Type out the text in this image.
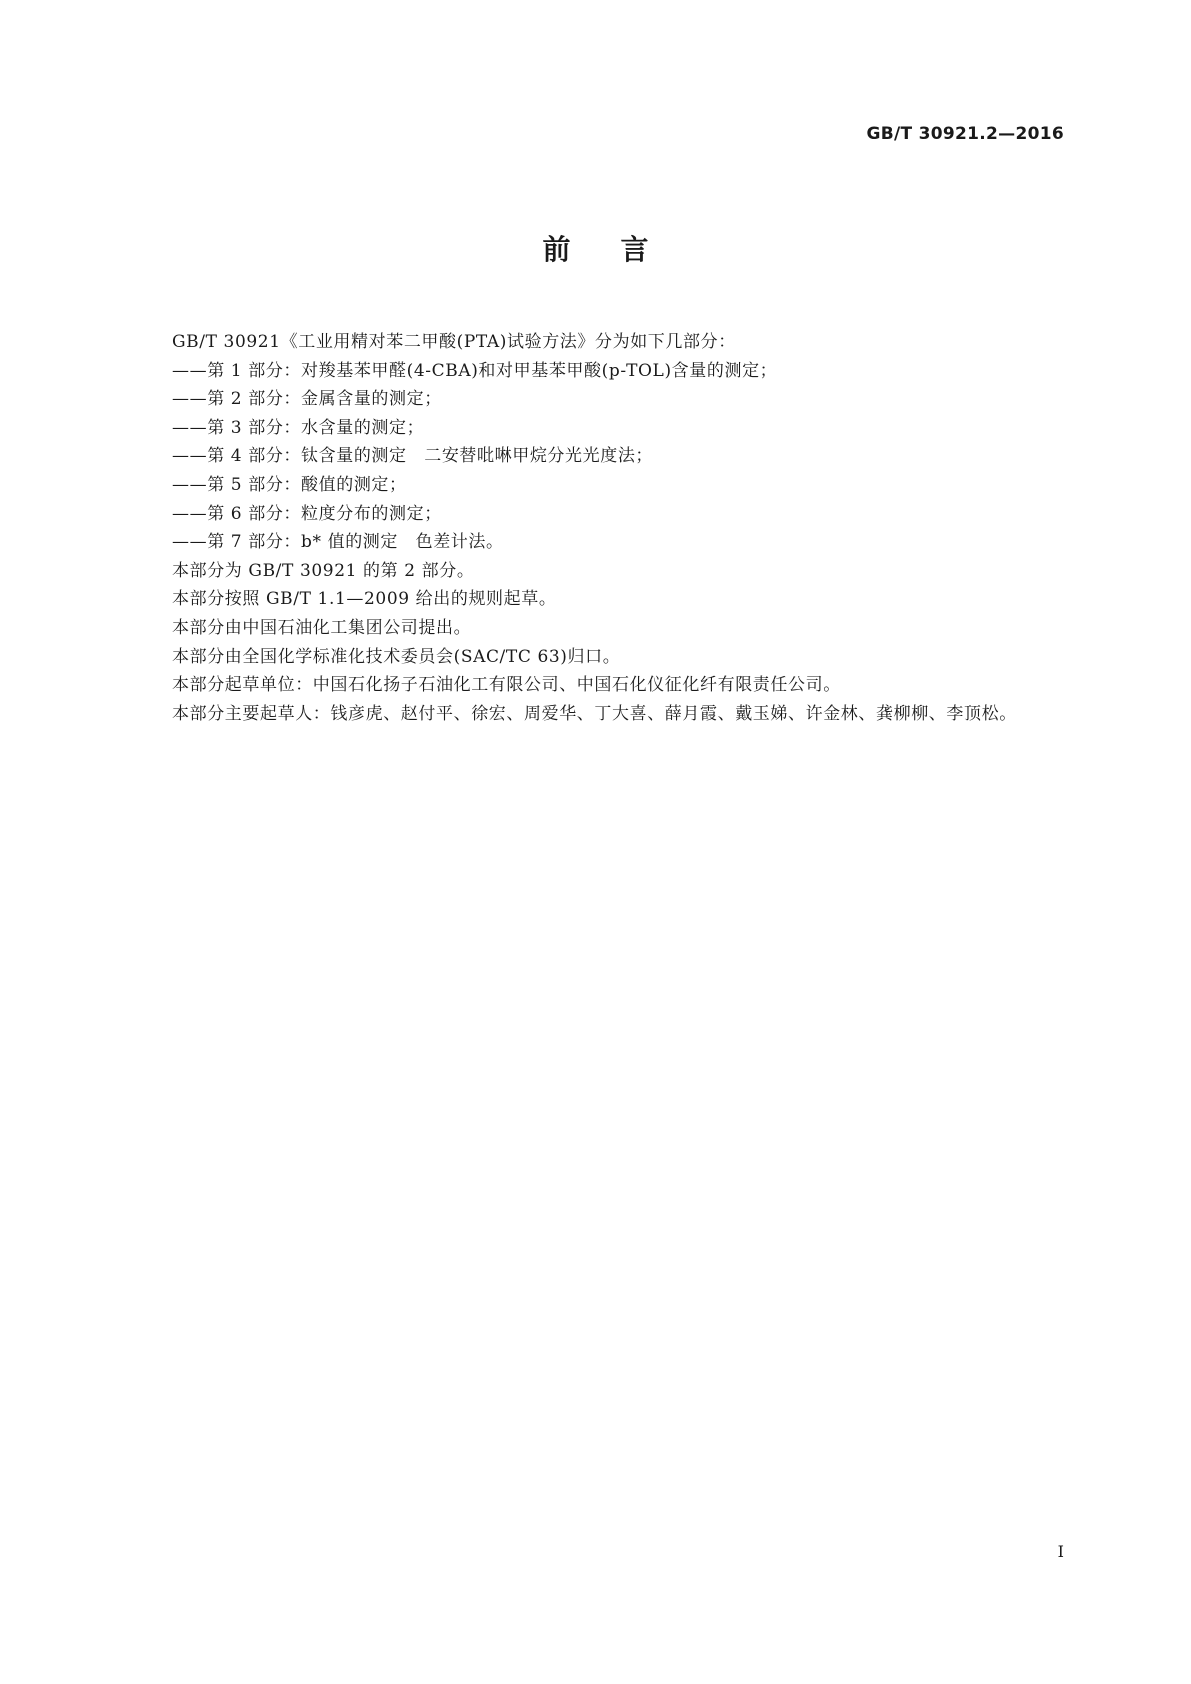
GB/T 30921.2—2016
前言

GB/T 30921《工业用精对苯二甲酸(PTA)试验方法》分为如下几部分：

——第 1 部分：对羧基苯甲醛(4-CBA)和对甲基苯甲酸(p-TOL)含量的测定；

——第 2 部分：金属含量的测定；

——第 3 部分：水含量的测定；

——第 4 部分：钛含量的测定　二安替吡啉甲烷分光光度法；

——第 5 部分：酸值的测定；

——第 6 部分：粒度分布的测定；

——第 7 部分：b* 值的测定　色差计法。

本部分为 GB/T 30921 的第 2 部分。

本部分按照 GB/T 1.1—2009 给出的规则起草。

本部分由中国石油化工集团公司提出。

本部分由全国化学标准化技术委员会(SAC/TC 63)归口。

本部分起草单位：中国石化扬子石油化工有限公司、中国石化仪征化纤有限责任公司。

本部分主要起草人：钱彦虎、赵付平、徐宏、周爱华、丁大喜、薛月霞、戴玉娣、许金林、龚柳柳、李顶松。

I
